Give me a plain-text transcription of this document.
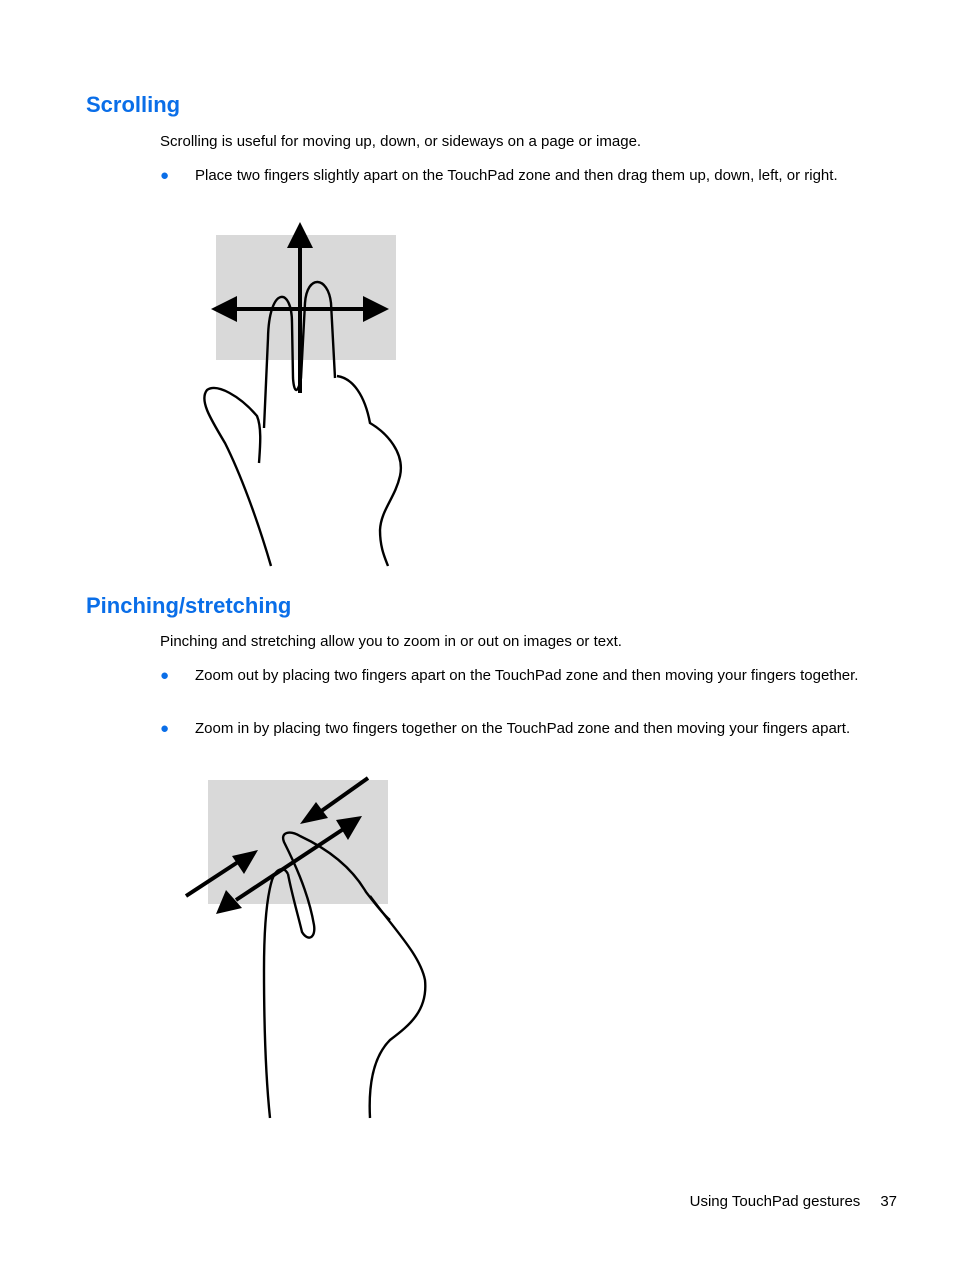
Scrolling

Scrolling is useful for moving up, down, or sideways on a page or image.

● Place two fingers slightly apart on the TouchPad zone and then drag them up, down, left, or right.

Pinching/stretching

Pinching and stretching allow you to zoom in or out on images or text.

● Zoom out by placing two fingers apart on the TouchPad zone and then moving your fingers together.

● Zoom in by placing two fingers together on the TouchPad zone and then moving your fingers apart.

Using TouchPad gestures 37
